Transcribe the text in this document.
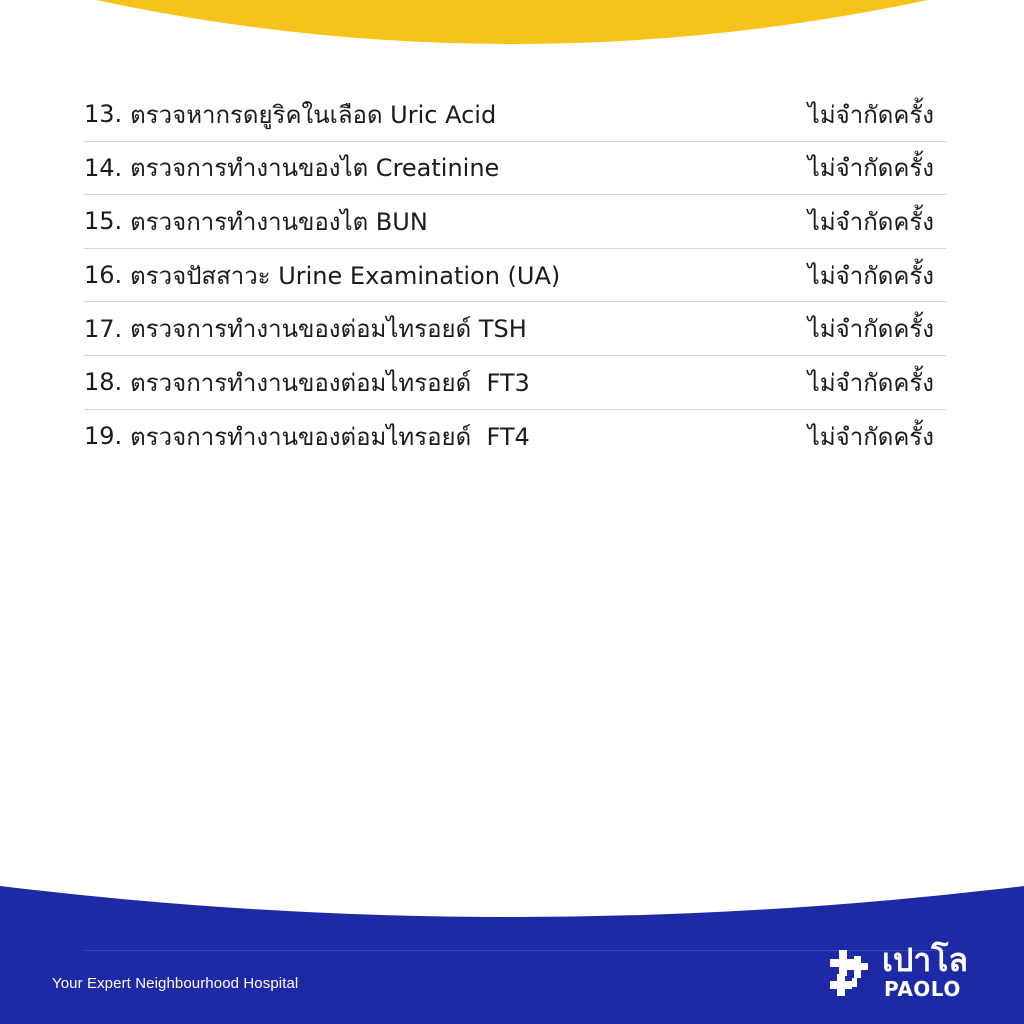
13. ตรวจหากรดยูริคในเลือด Uric Acid	ไม่จำกัดครั้ง
14. ตรวจการทำงานของไต Creatinine	ไม่จำกัดครั้ง
15. ตรวจการทำงานของไต BUN	ไม่จำกัดครั้ง
16. ตรวจปัสสาวะ Urine Examination (UA)	ไม่จำกัดครั้ง
17. ตรวจการทำงานของต่อมไทรอยด์ TSH	ไม่จำกัดครั้ง
18. ตรวจการทำงานของต่อมไทรอยด์  FT3	ไม่จำกัดครั้ง
19. ตรวจการทำงานของต่อมไทรอยด์  FT4	ไม่จำกัดครั้ง
Your Expert Neighbourhood Hospital
เปาโล
PAOLO
